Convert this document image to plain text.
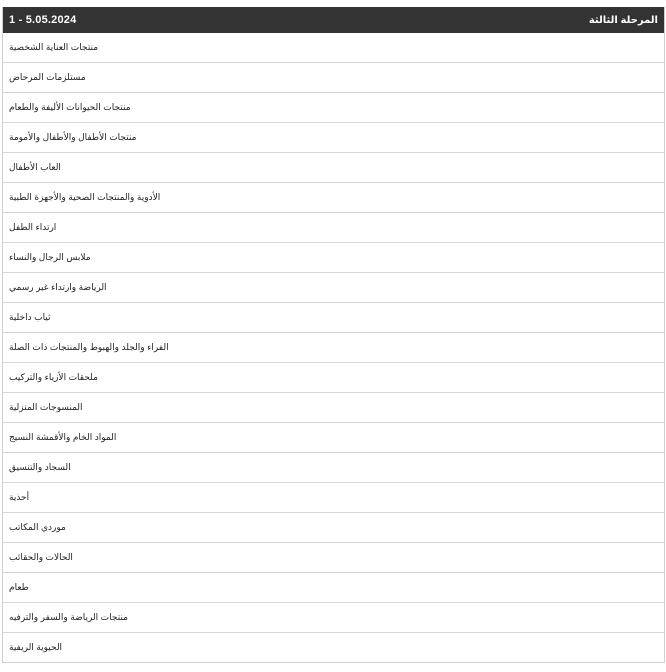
1 - 5.05.2024	المرحلة الثالثة
منتجات العناية الشخصية
مستلزمات المرحاض
منتجات الحيوانات الأليفة والطعام
منتجات الأطفال والأطفال والأمومة
العاب الأطفال
الأدوية والمنتجات الصحية والأجهزة الطبية
ارتداء الطفل
ملابس الرجال والنساء
الرياضة وارتداء غير رسمي
ثياب داخلية
الفراء والجلد والهبوط والمنتجات ذات الصلة
ملحقات الأزياء والتركيب
المنسوجات المنزلية
المواد الخام والأقمشة النسيج
السجاد والتنسيق
أحذية
موردي المكاتب
الحالات والحقائب
طعام
منتجات الرياضة والسفر والترفيه
الحيوية الريفية
